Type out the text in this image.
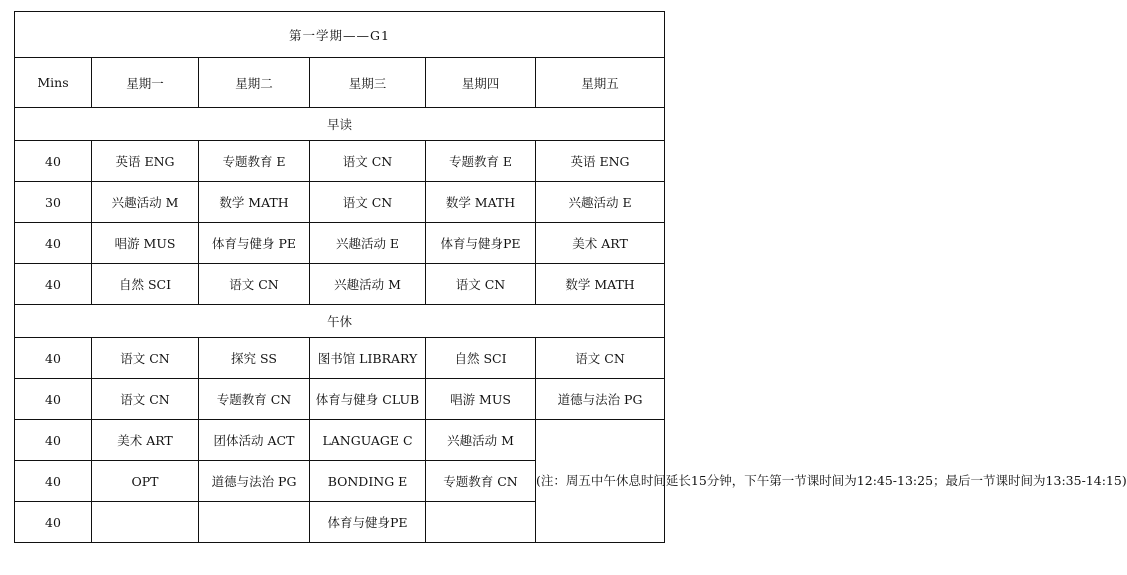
第一学期——G1					
Mins	星期一	星期二	星期三	星期四	星期五
早读					
40	英语 ENG	专题教育 E	语文 CN	专题教育 E	英语 ENG
30	兴趣活动 M	数学 MATH	语文 CN	数学 MATH	兴趣活动 E
40	唱游 MUS	体育与健身 PE	兴趣活动 E	体育与健身PE	美术 ART
40	自然 SCI	语文 CN	兴趣活动 M	语文 CN	数学 MATH
午休					
40	语文 CN	探究 SS	图书馆 LIBRARY	自然 SCI	语文 CN
40	语文 CN	专题教育 CN	体育与健身 CLUB	唱游 MUS	道德与法治 PG
40	美术 ART	团体活动 ACT	LANGUAGE C	兴趣活动 M	(注：周五中午休息时间延长15分钟，下午第一节课时间为12:45-13:25；最后一节课时间为13:35-14:15)
40	OPT	道德与法治 PG	BONDING E	专题教育 CN	
40			体育与健身PE		
